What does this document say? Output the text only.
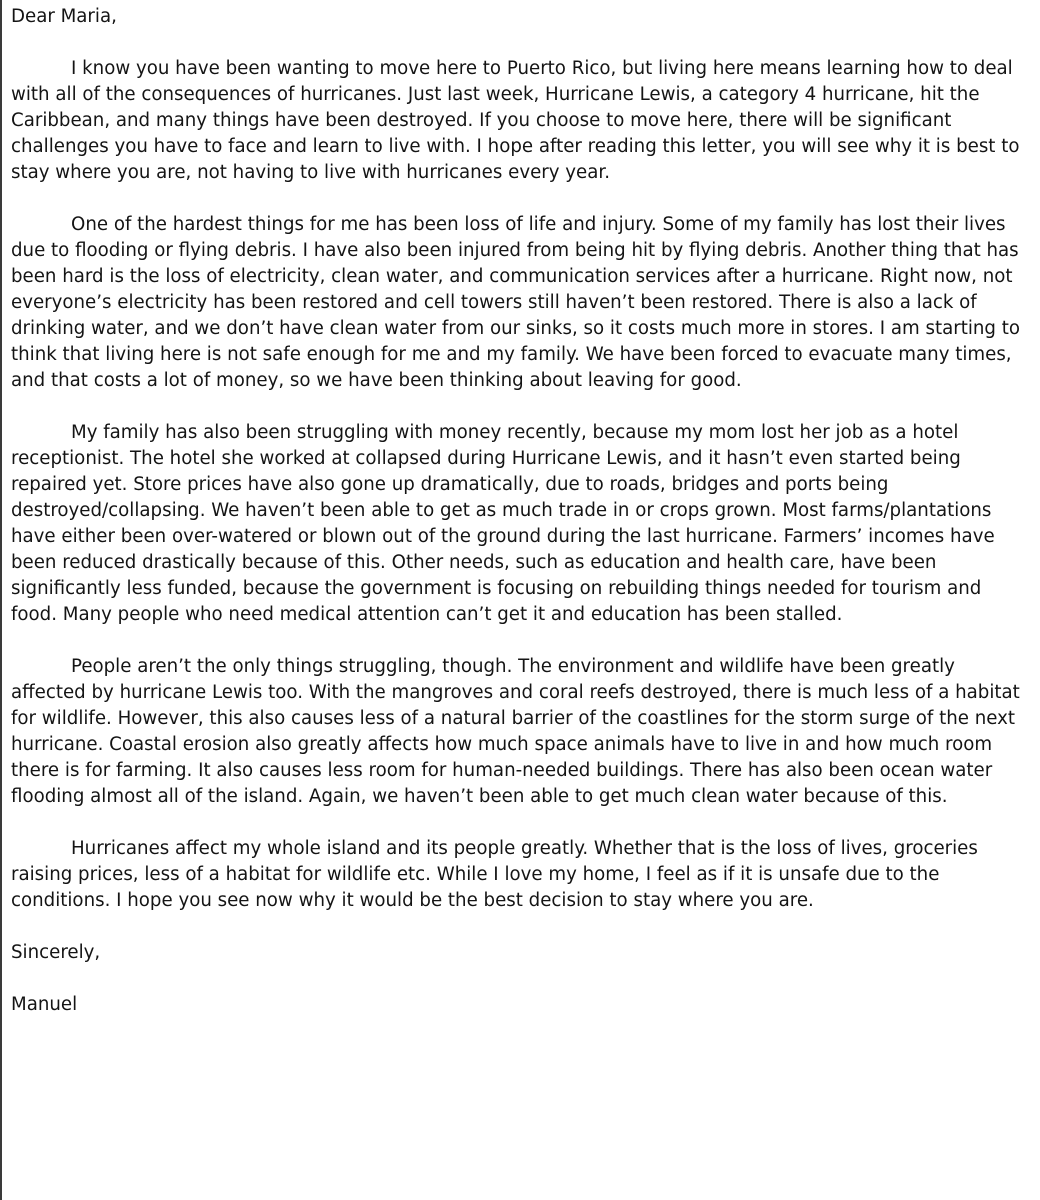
Dear Maria,

I know you have been wanting to move here to Puerto Rico, but living here means learning how to deal with all of the consequences of hurricanes. Just last week, Hurricane Lewis, a category 4 hurricane, hit the Caribbean, and many things have been destroyed. If you choose to move here, there will be significant challenges you have to face and learn to live with. I hope after reading this letter, you will see why it is best to stay where you are, not having to live with hurricanes every year.

One of the hardest things for me has been loss of life and injury. Some of my family has lost their lives due to flooding or flying debris. I have also been injured from being hit by flying debris. Another thing that has been hard is the loss of electricity, clean water, and communication services after a hurricane. Right now, not everyone’s electricity has been restored and cell towers still haven’t been restored. There is also a lack of drinking water, and we don’t have clean water from our sinks, so it costs much more in stores. I am starting to think that living here is not safe enough for me and my family. We have been forced to evacuate many times, and that costs a lot of money, so we have been thinking about leaving for good.

My family has also been struggling with money recently, because my mom lost her job as a hotel receptionist. The hotel she worked at collapsed during Hurricane Lewis, and it hasn’t even started being repaired yet. Store prices have also gone up dramatically, due to roads, bridges and ports being destroyed/collapsing. We haven’t been able to get as much trade in or crops grown. Most farms/plantations have either been over-watered or blown out of the ground during the last hurricane. Farmers’ incomes have been reduced drastically because of this. Other needs, such as education and health care, have been significantly less funded, because the government is focusing on rebuilding things needed for tourism and food. Many people who need medical attention can’t get it and education has been stalled.

People aren’t the only things struggling, though. The environment and wildlife have been greatly affected by hurricane Lewis too. With the mangroves and coral reefs destroyed, there is much less of a habitat for wildlife. However, this also causes less of a natural barrier of the coastlines for the storm surge of the next hurricane. Coastal erosion also greatly affects how much space animals have to live in and how much room there is for farming. It also causes less room for human-needed buildings. There has also been ocean water flooding almost all of the island. Again, we haven’t been able to get much clean water because of this.

Hurricanes affect my whole island and its people greatly. Whether that is the loss of lives, groceries raising prices, less of a habitat for wildlife etc. While I love my home, I feel as if it is unsafe due to the conditions. I hope you see now why it would be the best decision to stay where you are.

Sincerely,

Manuel
